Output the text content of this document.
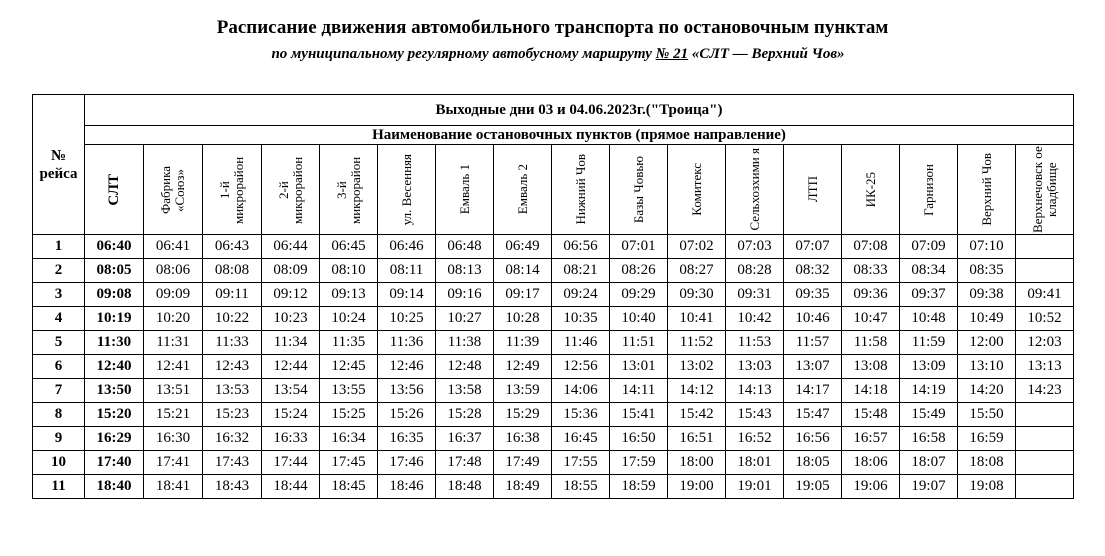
Расписание движения автомобильного транспорта по остановочным пунктам
по муниципальному регулярному автобусному маршруту № 21 «СЛТ — Верхний Чов»
№ рейса	Выходные дни 03 и 04.06.2023г.("Троица")																
	Наименование остановочных пунктов (прямое направление)																

	СЛТ	Фабрика «Союз»	1-й микрорайон	2-й микрорайон	3-й микрорайон	ул. Весенняя	Емваль 1	Емваль 2	Нижний Чов	Базы Човью	Комитекс	Сельхозхими я	ЛТП	ИК-25	Гарнизон	Верхний Чов	Верхнечовск ое кладбище

1	06:40	06:41	06:43	06:44	06:45	06:46	06:48	06:49	06:56	07:01	07:02	07:03	07:07	07:08	07:09	07:10	
2	08:05	08:06	08:08	08:09	08:10	08:11	08:13	08:14	08:21	08:26	08:27	08:28	08:32	08:33	08:34	08:35	
3	09:08	09:09	09:11	09:12	09:13	09:14	09:16	09:17	09:24	09:29	09:30	09:31	09:35	09:36	09:37	09:38	09:41
4	10:19	10:20	10:22	10:23	10:24	10:25	10:27	10:28	10:35	10:40	10:41	10:42	10:46	10:47	10:48	10:49	10:52
5	11:30	11:31	11:33	11:34	11:35	11:36	11:38	11:39	11:46	11:51	11:52	11:53	11:57	11:58	11:59	12:00	12:03
6	12:40	12:41	12:43	12:44	12:45	12:46	12:48	12:49	12:56	13:01	13:02	13:03	13:07	13:08	13:09	13:10	13:13
7	13:50	13:51	13:53	13:54	13:55	13:56	13:58	13:59	14:06	14:11	14:12	14:13	14:17	14:18	14:19	14:20	14:23
8	15:20	15:21	15:23	15:24	15:25	15:26	15:28	15:29	15:36	15:41	15:42	15:43	15:47	15:48	15:49	15:50	
9	16:29	16:30	16:32	16:33	16:34	16:35	16:37	16:38	16:45	16:50	16:51	16:52	16:56	16:57	16:58	16:59	
10	17:40	17:41	17:43	17:44	17:45	17:46	17:48	17:49	17:55	17:59	18:00	18:01	18:05	18:06	18:07	18:08	
11	18:40	18:41	18:43	18:44	18:45	18:46	18:48	18:49	18:55	18:59	19:00	19:01	19:05	19:06	19:07	19:08	
